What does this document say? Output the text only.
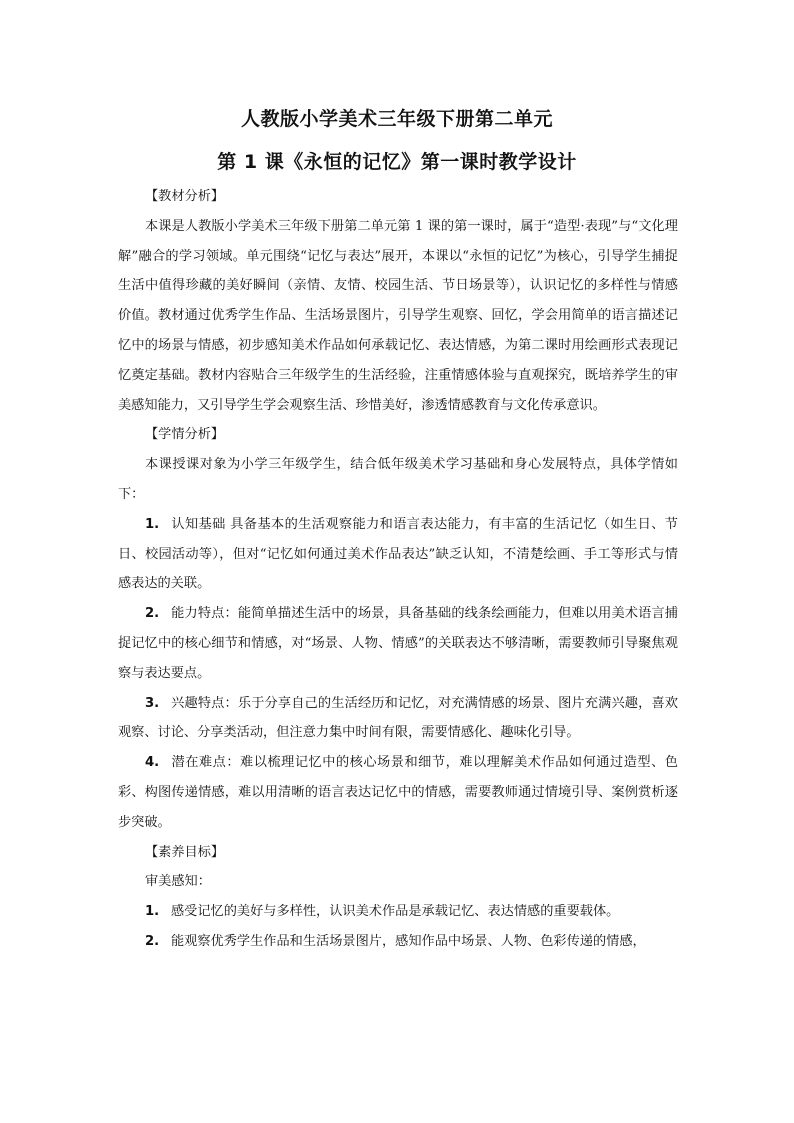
人教版小学美术三年级下册第二单元
第 1 课《永恒的记忆》第一课时教学设计

【教材分析】

本课是人教版小学美术三年级下册第二单元第 1 课的第一课时，属于“造型·表现”与“文化理解”融合的学习领域。单元围绕“记忆与表达”展开，本课以“永恒的记忆”为核心，引导学生捕捉生活中值得珍藏的美好瞬间（亲情、友情、校园生活、节日场景等），认识记忆的多样性与情感价值。教材通过优秀学生作品、生活场景图片，引导学生观察、回忆，学会用简单的语言描述记忆中的场景与情感，初步感知美术作品如何承载记忆、表达情感，为第二课时用绘画形式表现记忆奠定基础。教材内容贴合三年级学生的生活经验，注重情感体验与直观探究，既培养学生的审美感知能力，又引导学生学会观察生活、珍惜美好，渗透情感教育与文化传承意识。

【学情分析】

本课授课对象为小学三年级学生，结合低年级美术学习基础和身心发展特点，具体学情如下：

1. 认知基础 具备基本的生活观察能力和语言表达能力，有丰富的生活记忆（如生日、节日、校园活动等），但对“记忆如何通过美术作品表达”缺乏认知，不清楚绘画、手工等形式与情感表达的关联。

2. 能力特点：能简单描述生活中的场景，具备基础的线条绘画能力，但难以用美术语言捕捉记忆中的核心细节和情感，对“场景、人物、情感”的关联表达不够清晰，需要教师引导聚焦观察与表达要点。

3. 兴趣特点：乐于分享自己的生活经历和记忆，对充满情感的场景、图片充满兴趣，喜欢观察、讨论、分享类活动，但注意力集中时间有限，需要情感化、趣味化引导。

4. 潜在难点：难以梳理记忆中的核心场景和细节，难以理解美术作品如何通过造型、色彩、构图传递情感，难以用清晰的语言表达记忆中的情感，需要教师通过情境引导、案例赏析逐步突破。

【素养目标】

审美感知：

1. 感受记忆的美好与多样性，认识美术作品是承载记忆、表达情感的重要载体。

2. 能观察优秀学生作品和生活场景图片，感知作品中场景、人物、色彩传递的情感，
